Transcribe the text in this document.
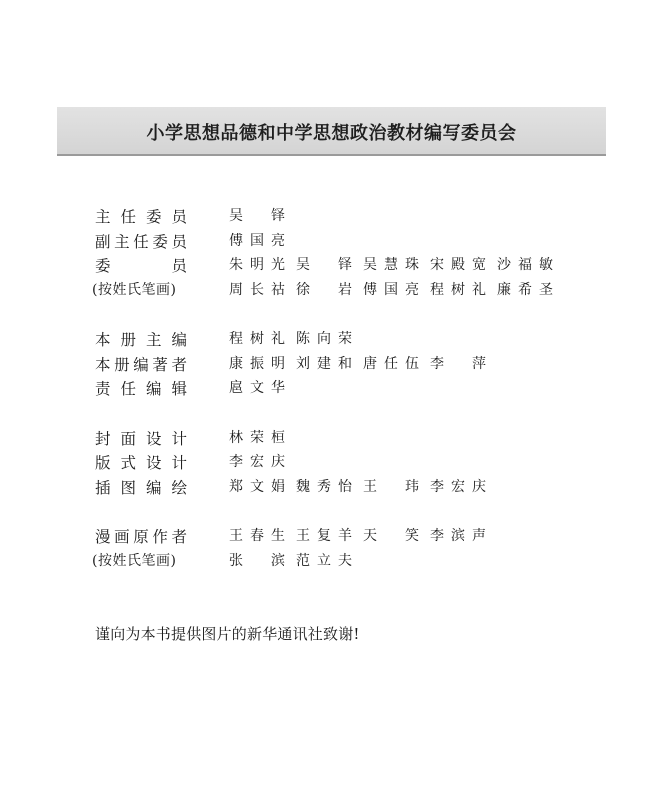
小学思想品德和中学思想政治教材编写委员会
主任委员	吴 铎
副主任委员	傅国亮
委 员	朱明光 吴 铎 吴慧珠 宋殿宽 沙福敏
(按姓氏笔画)	周长祜 徐 岩 傅国亮 程树礼 廉希圣
本册主编	程树礼 陈向荣
本册编著者	康振明 刘建和 唐任伍 李 萍
责任编辑	扈文华
封面设计	林荣桓
版式设计	李宏庆
插图编绘	郑文娟 魏秀怡 王 玮 李宏庆
漫画原作者	王春生 王复羊 天 笑 李滨声
(按姓氏笔画)	张 滨 范立夫
谨向为本书提供图片的新华通讯社致谢!
